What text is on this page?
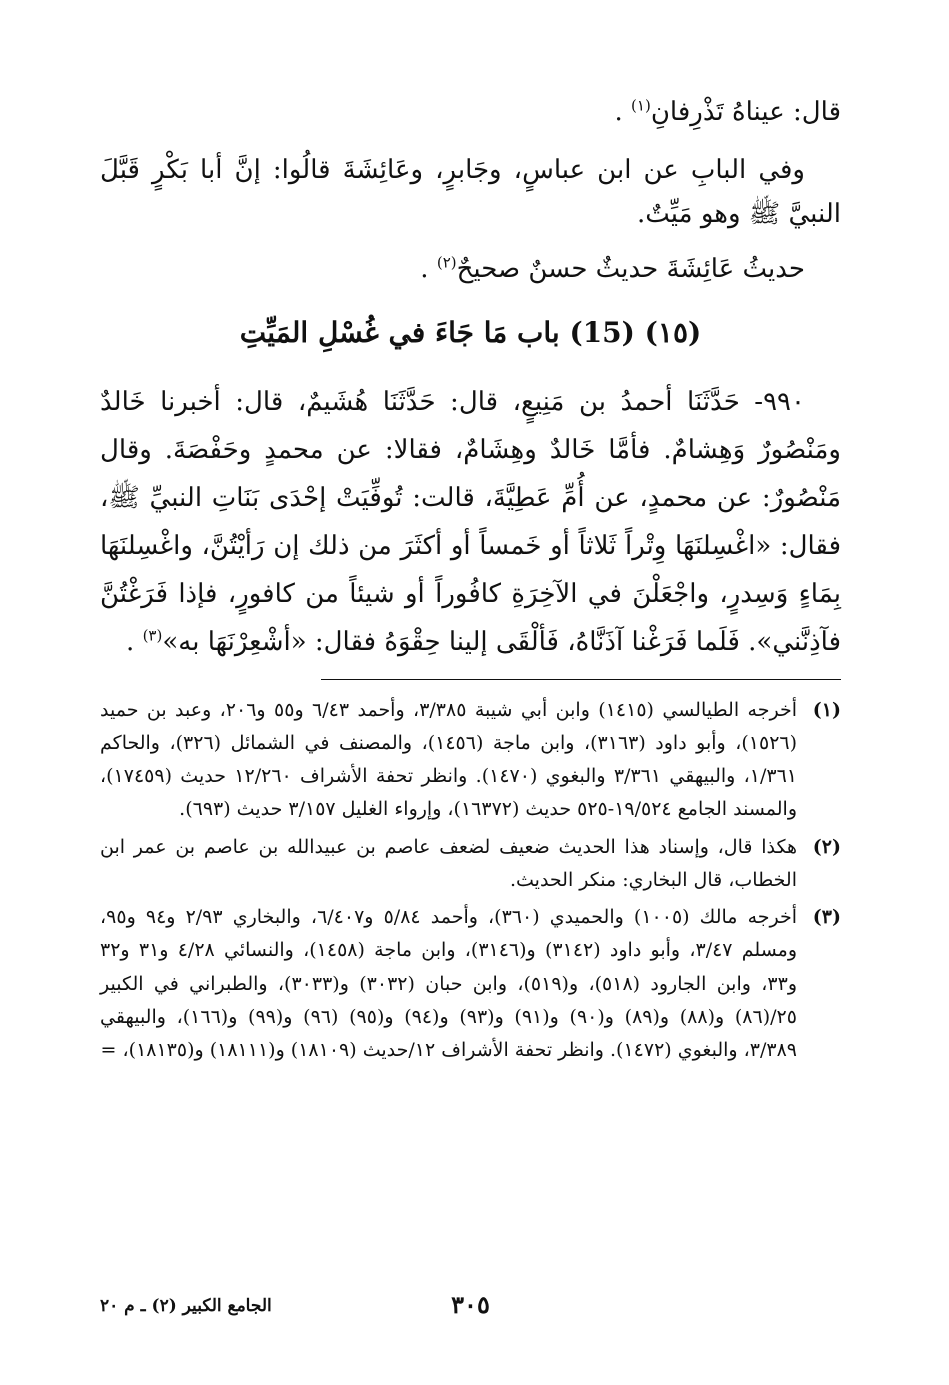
قال: عيناهُ تَذْرِفانِ$^{(١)}$ .

وفي البابِ عن ابن عباسٍ، وجَابرٍ، وعَائِشَةَ قالُوا: إنَّ أبا بَكْرٍ قَبَّلَ النبيَّ ﷺ وهو مَيِّتٌ.

حديثُ عَائِشَةَ حديثٌ حسنٌ صحيحٌ$^{(٢)}$ .

(١٥) (15) باب مَا جَاءَ في غُسْلِ المَيِّتِ

٩٩٠- حَدَّثَنَا أحمدُ بن مَنِيعٍ، قال: حَدَّثَنَا هُشَيمٌ، قال: أخبرنا خَالدٌ ومَنْصُورٌ وَهِشامٌ. فأمَّا خَالدٌ وهِشَامٌ، فقالا: عن محمدٍ وحَفْصَةَ. وقال مَنْصُورٌ: عن محمدٍ، عن أُمِّ عَطِيَّةَ، قالت: تُوفِّيَتْ إحْدَى بَنَاتِ النبيِّ ﷺ، فقال: «اغْسِلنَهَا وِتْراً ثَلاثاً أو خَمساً أو أكثَرَ من ذلك إن رَأيْتُنَّ، واغْسِلنَهَا بِمَاءٍ وَسِدرٍ، واجْعَلْنَ في الآخِرَةِ كافُوراً أو شيئاً من كافورٍ، فإذا فَرَغْتُنَّ فآذِنَّني». فَلَما فَرَغْنا آذَنَّاهُ، فَألْقَى إلينا حِقْوَهُ فقال: «أشْعِرْنَهَا به»$^{(٣)}$ .

(١)
أخرجه الطيالسي (١٤١٥) وابن أبي شيبة ٣/٣٨٥، وأحمد ٦/٤٣ و٥٥ و٢٠٦، وعبد بن حميد (١٥٢٦)، وأبو داود (٣١٦٣)، وابن ماجة (١٤٥٦)، والمصنف في الشمائل (٣٢٦)، والحاكم ١/٣٦١، والبيهقي ٣/٣٦١ والبغوي (١٤٧٠). وانظر تحفة الأشراف ١٢/٢٦٠ حديث (١٧٤٥٩)، والمسند الجامع ١٩/٥٢٤-٥٢٥ حديث (١٦٣٧٢)، وإرواء الغليل ٣/١٥٧ حديث (٦٩٣).
(٢)
هكذا قال، وإسناد هذا الحديث ضعيف لضعف عاصم بن عبيدالله بن عاصم بن عمر ابن الخطاب، قال البخاري: منكر الحديث.
(٣)
أخرجه مالك (١٠٠٥) والحميدي (٣٦٠)، وأحمد ٥/٨٤ و٦/٤٠٧، والبخاري ٢/٩٣ و٩٤ و٩٥، ومسلم ٣/٤٧، وأبو داود (٣١٤٢) و(٣١٤٦)، وابن ماجة (١٤٥٨)، والنسائي ٤/٢٨ و٣١ و٣٢ و٣٣، وابن الجارود (٥١٨)، و(٥١٩)، وابن حبان (٣٠٣٢) و(٣٠٣٣)، والطبراني في الكبير ٢٥/(٨٦) و(٨٨) و(٨٩) و(٩٠) و(٩١) و(٩٣) و(٩٤) و(٩٥) (٩٦) و(٩٩) و(١٦٦)، والبيهقي ٣/٣٨٩، والبغوي (١٤٧٢). وانظر تحفة الأشراف ١٢/حديث (١٨١٠٩) و(١٨١١١) و(١٨١٣٥)، =
٣٠٥
الجامع الكبير (٢) ـ م ٢٠
